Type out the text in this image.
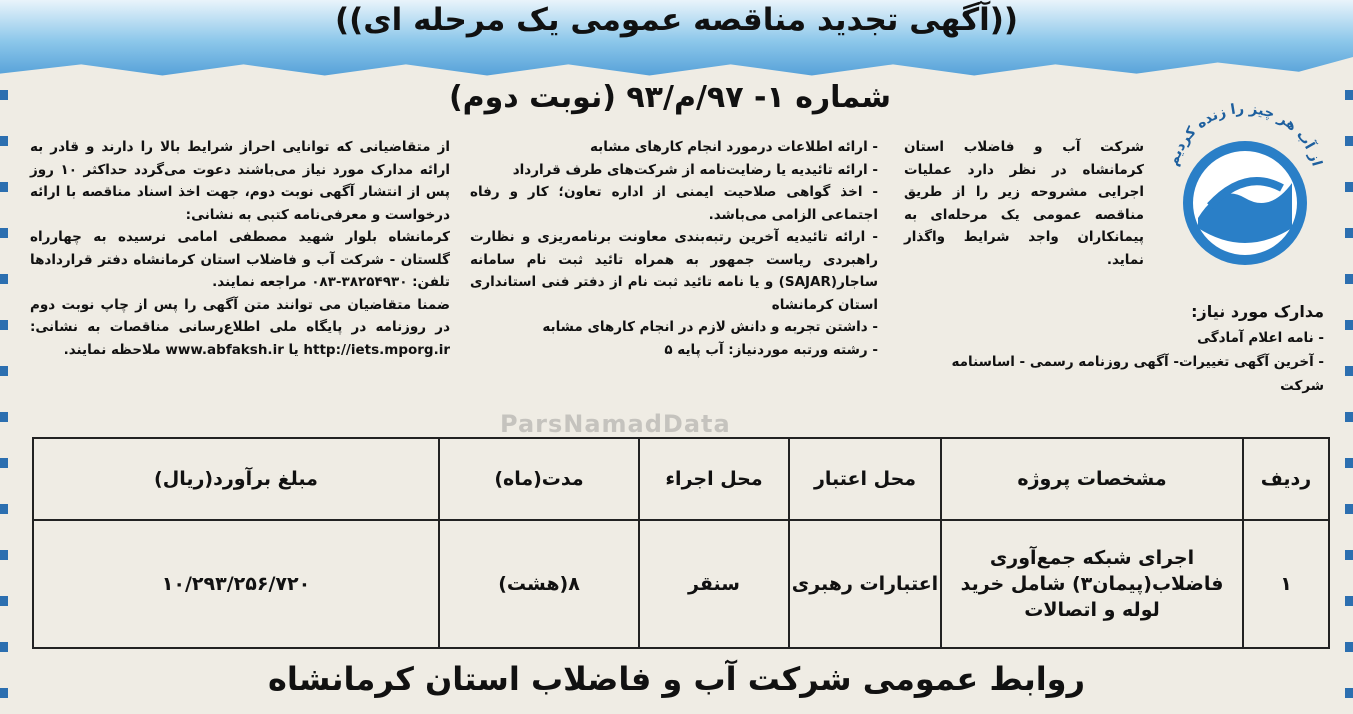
((آگهی تجدید مناقصه عمومی یک مرحله ای))
شماره ۱- ۹۷/م/۹۳ (نوبت دوم)
از آب هر چیز را زنده کردیم

شرکت آب و فاضلاب استان کرمانشاه در نظر دارد عملیات اجرایی مشروحه زیر را از طریق مناقصه عمومی یک مرحله‌ای به پیمانکاران واجد شرایط واگذار نماید.

مدارک مورد نیاز:

- نامه اعلام آمادگی

- آخرین آگهی تغییرات- آگهی روزنامه رسمی - اساسنامه شرکت

- ارائه اطلاعات درمورد انجام کارهای مشابه

- ارائه تائیدیه یا رضایت‌نامه از شرکت‌های طرف قرارداد

- اخذ گواهی صلاحیت ایمنی از اداره تعاون؛ کار و رفاه اجتماعی الزامی می‌باشد.

- ارائه تائیدیه آخرین رتبه‌بندی معاونت برنامه‌ریزی و نظارت راهبردی ریاست جمهور به همراه تائید ثبت نام سامانه ساجار(SAJAR) و یا نامه تائید ثبت نام از دفتر فنی استانداری استان کرمانشاه

- داشتن تجربه و دانش لازم در انجام کارهای مشابه

- رشته ورتبه موردنیاز: آب پایه ۵

از متقاضیانی که توانایی احراز شرایط بالا را دارند و قادر به ارائه مدارک مورد نیاز می‌باشند دعوت می‌گردد حداکثر ۱۰ روز پس از انتشار آگهی نوبت دوم، جهت اخذ اسناد مناقصه با ارائه درخواست و معرفی‌نامه کتبی به نشانی:

کرمانشاه بلوار شهید مصطفی امامی نرسیده به چهارراه گلستان - شرکت آب و فاضلاب استان کرمانشاه دفتر قراردادها تلفن: ۳۸۲۵۴۹۳۰-۰۸۳ مراجعه نمایند.

ضمنا متقاضیان می توانند متن آگهی را پس از چاپ نوبت دوم در روزنامه در پایگاه ملی اطلاع‌رسانی مناقصات به نشانی: http://iets.mporg.ir یا www.abfaksh.ir ملاحظه نمایند.

ParsNamadData
ردیف	مشخصات پروژه	محل اعتبار	محل اجراء	مدت(ماه)	مبلغ برآورد(ریال)
۱	اجرای شبکه جمع‌آوری فاضلاب(پیمان۳) شامل خرید لوله و اتصالات	اعتبارات رهبری	سنقر	۸(هشت)	۱۰/۲۹۳/۲۵۶/۷۲۰
روابط عمومی شرکت آب و فاضلاب استان کرمانشاه
